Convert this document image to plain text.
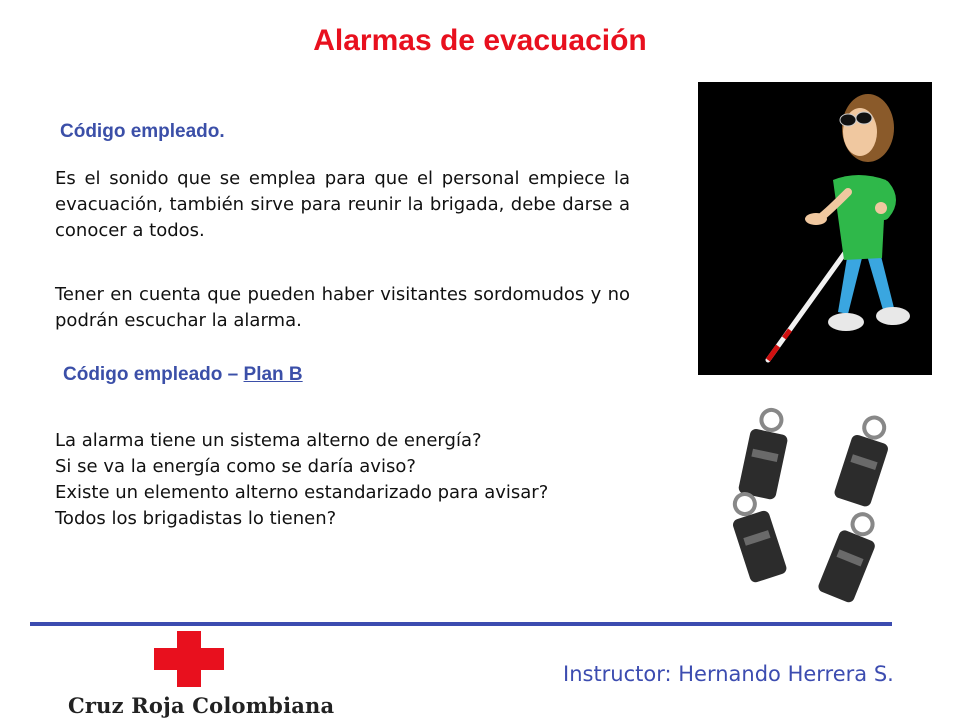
Alarmas de evacuación
Código empleado.

Es el sonido que se emplea para que el personal empiece la evacuación, también sirve para reunir la brigada, debe darse a conocer a todos.

Tener en cuenta que pueden haber visitantes sordomudos y no podrán escuchar la alarma.

Código empleado – Plan B
La alarma tiene un sistema alterno de energía?
Si se va la energía como se daría aviso?
Existe un elemento alterno estandarizado para avisar?
Todos los brigadistas lo tienen?
Cruz Roja Colombiana
Instructor: Hernando Herrera S.
